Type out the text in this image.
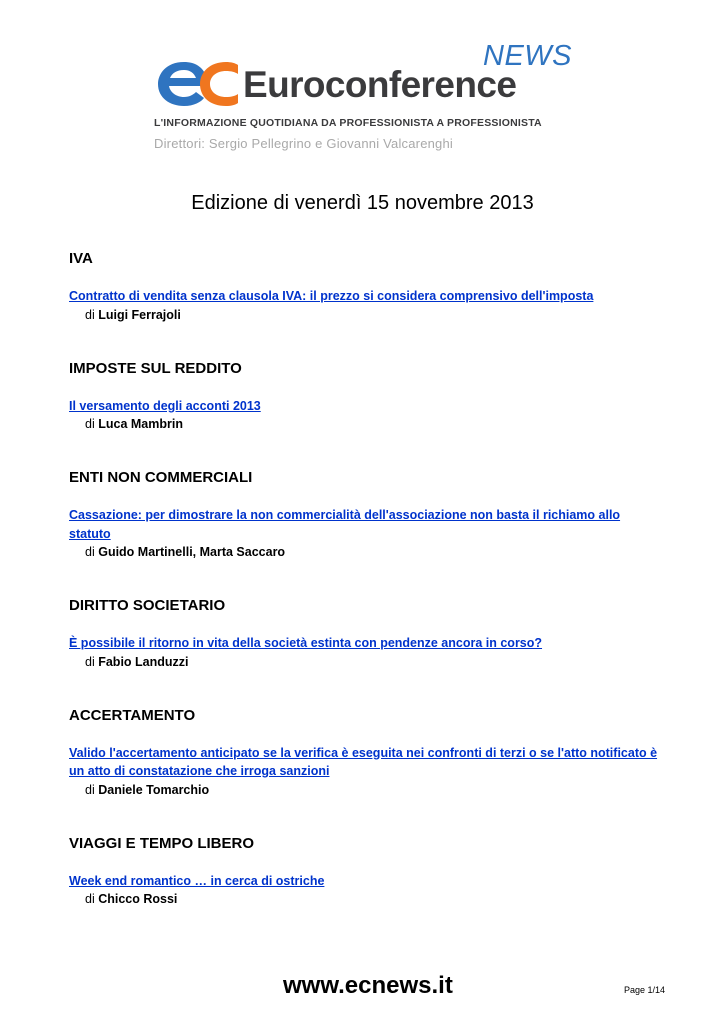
NEWS
Euroconference
L'INFORMAZIONE QUOTIDIANA DA PROFESSIONISTA A PROFESSIONISTA
Direttori: Sergio Pellegrino e Giovanni Valcarenghi
Edizione di venerdì 15 novembre 2013
IVA
Contratto di vendita senza clausola IVA: il prezzo si considera comprensivo dell'imposta
di Luigi Ferrajoli
IMPOSTE SUL REDDITO
Il versamento degli acconti 2013
di Luca Mambrin
ENTI NON COMMERCIALI
Cassazione: per dimostrare la non commercialità dell'associazione non basta il richiamo allo statuto
di Guido Martinelli, Marta Saccaro
DIRITTO SOCIETARIO
È possibile il ritorno in vita della società estinta con pendenze ancora in corso?
di Fabio Landuzzi
ACCERTAMENTO
Valido l'accertamento anticipato se la verifica è eseguita nei confronti di terzi o se l'atto notificato è un atto di constatazione che irroga sanzioni
di Daniele Tomarchio
VIAGGI E TEMPO LIBERO
Week end romantico … in cerca di ostriche
di Chicco Rossi
www.ecnews.it	Page 1/14
